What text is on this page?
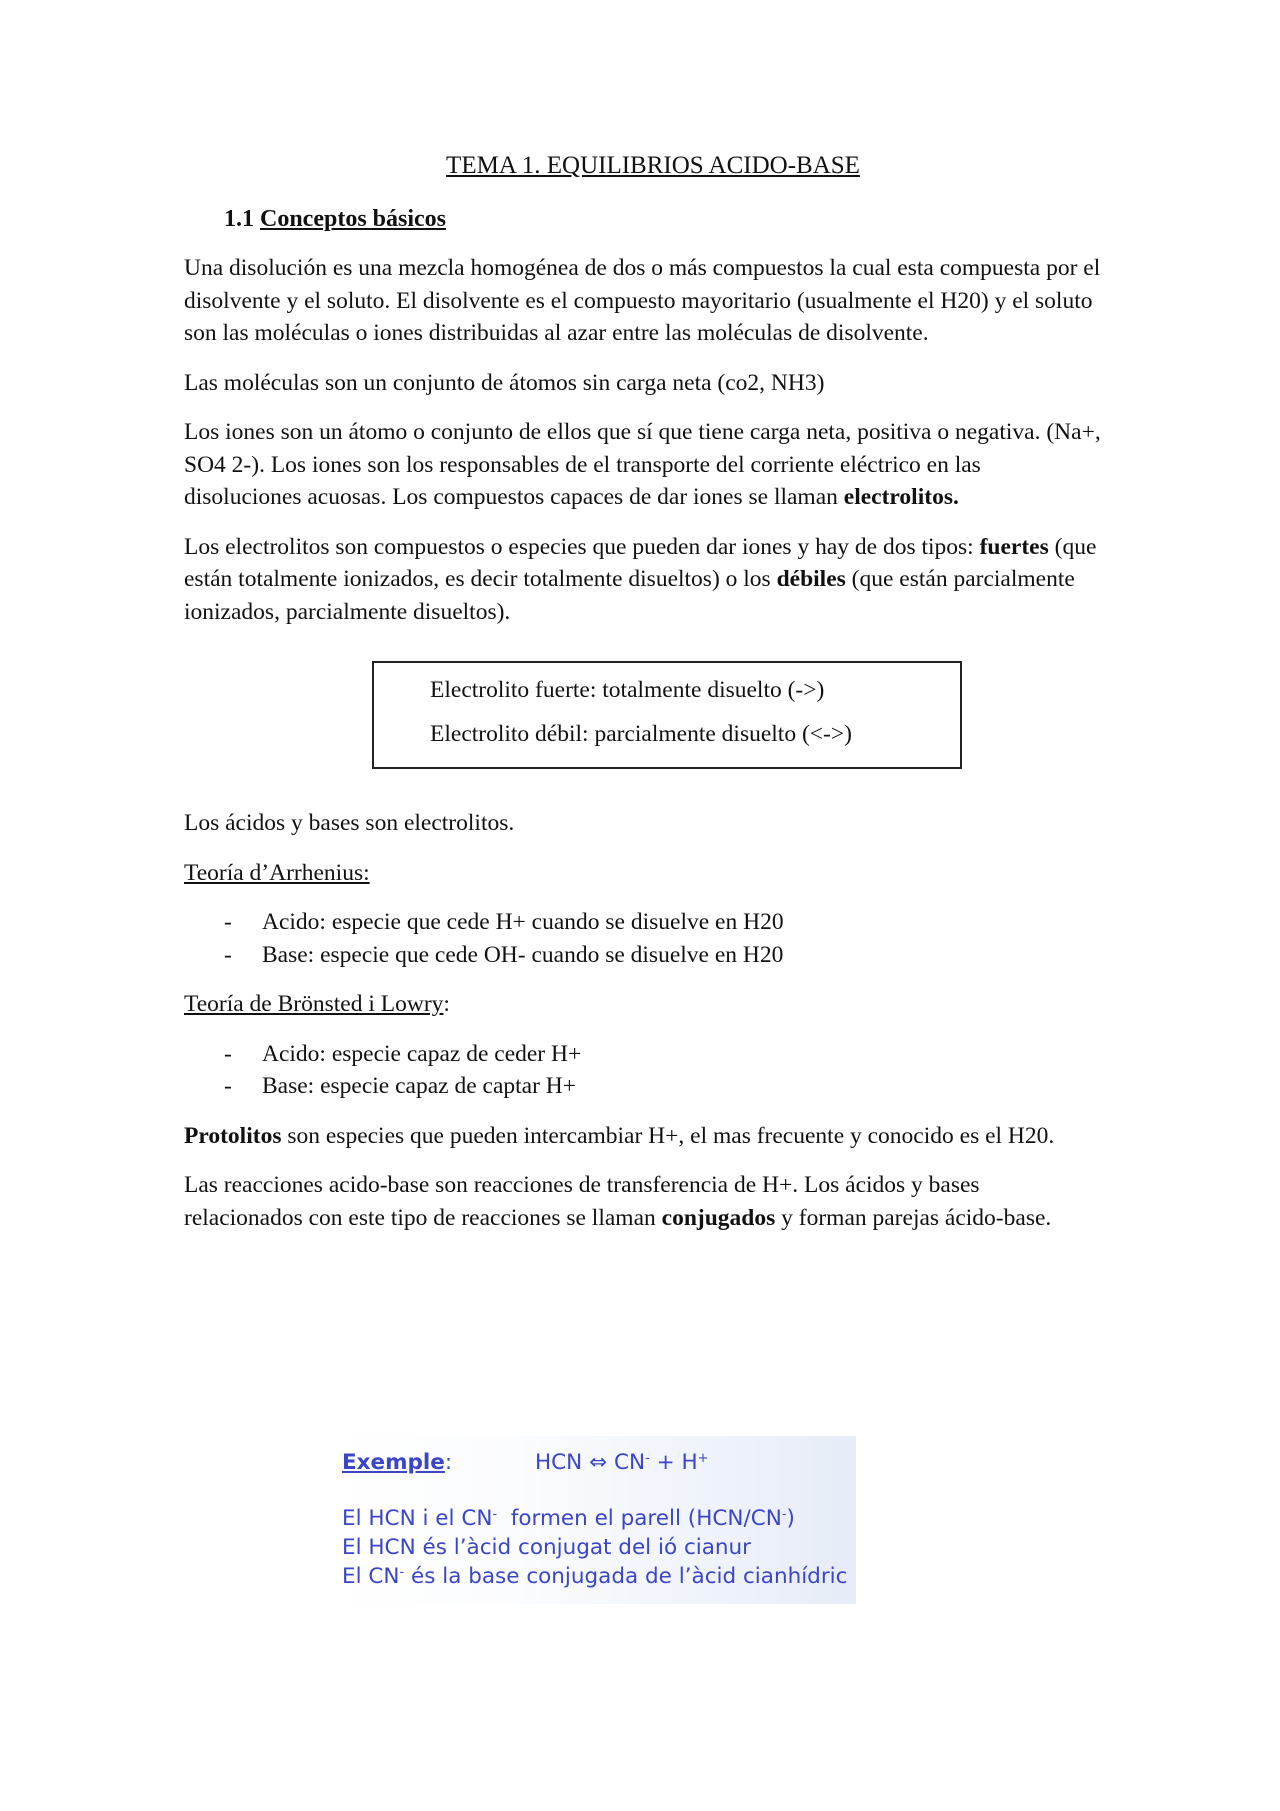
TEMA 1. EQUILIBRIOS ACIDO-BASE
1.1 Conceptos básicos

Una disolución es una mezcla homogénea de dos o más compuestos la cual esta compuesta por el disolvente y el soluto. El disolvente es el compuesto mayoritario (usualmente el H20) y el soluto son las moléculas o iones distribuidas al azar entre las moléculas de disolvente.

Las moléculas son un conjunto de átomos sin carga neta (co2, NH3)

Los iones son un átomo o conjunto de ellos que sí que tiene carga neta, positiva o negativa. (Na+, SO4 2-). Los iones son los responsables de el transporte del corriente eléctrico en las disoluciones acuosas. Los compuestos capaces de dar iones se llaman electrolitos.

Los electrolitos son compuestos o especies que pueden dar iones y hay de dos tipos: fuertes (que están totalmente ionizados, es decir totalmente disueltos) o los débiles (que están parcialmente ionizados, parcialmente disueltos).

Electrolito fuerte: totalmente disuelto (->)

Electrolito débil: parcialmente disuelto (<->)

Los ácidos y bases son electrolitos.

Teoría d’Arrhenius:

- Acido: especie que cede H+ cuando se disuelve en H20
- Base: especie que cede OH- cuando se disuelve en H20

Teoría de Brönsted i Lowry:

- Acido: especie capaz de ceder H+
- Base: especie capaz de captar H+

Protolitos son especies que pueden intercambiar H+, el mas frecuente y conocido es el H20.

Las reacciones acido-base son reacciones de transferencia de H+. Los ácidos y bases relacionados con este tipo de reacciones se llaman conjugados y forman parejas ácido-base.

Exemple:	HCN ⇔ CN- + H+
El HCN i el CN-  formen el parell (HCN/CN-)
El HCN és l’àcid conjugat del ió cianur
El CN- és la base conjugada de l’àcid cianhídric
